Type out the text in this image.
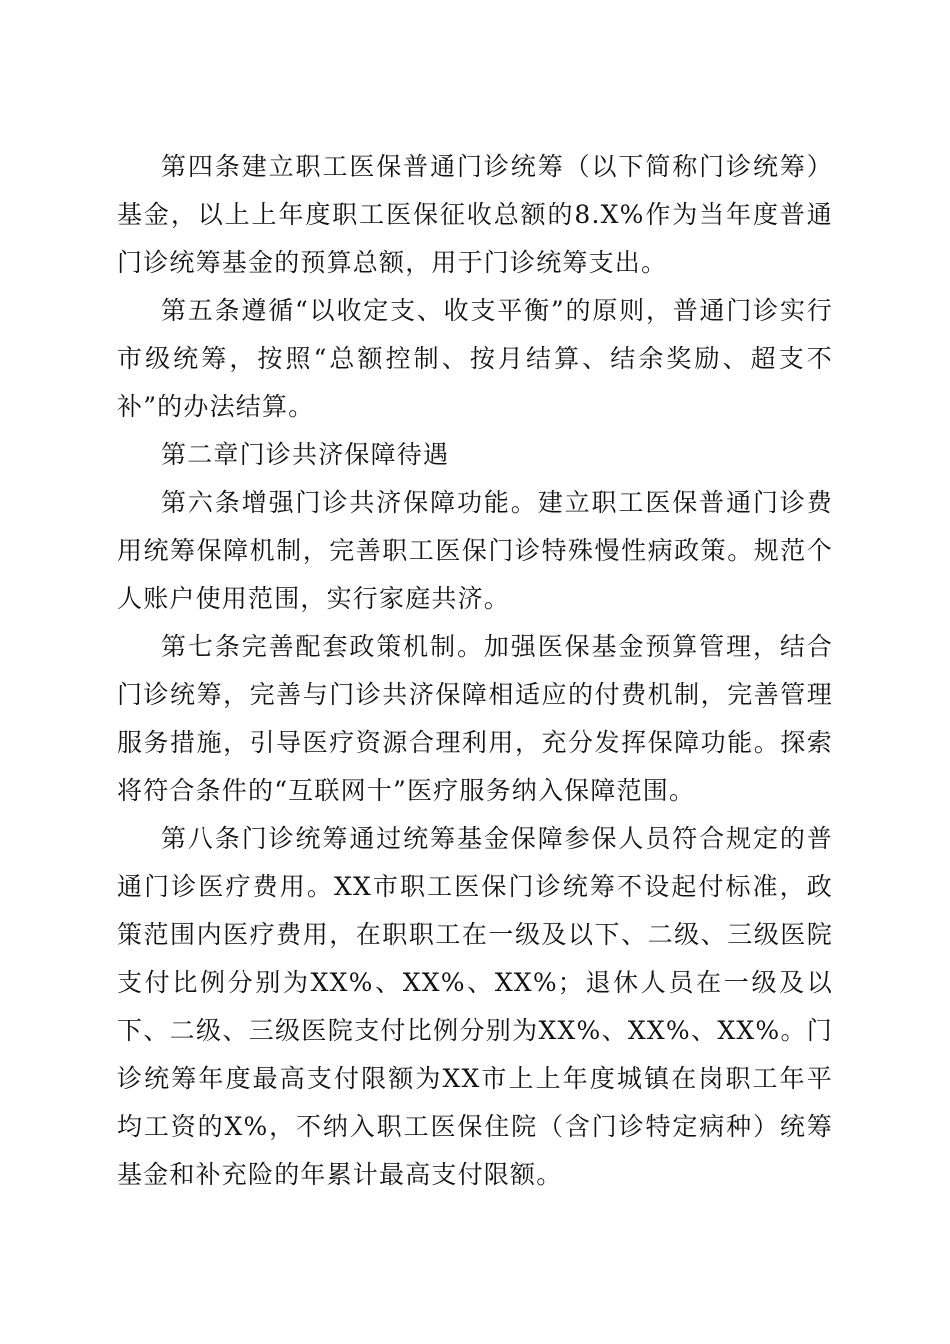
第四条建立职工医保普通门诊统筹（以下简称门诊统筹）基金，以上上年度职工医保征收总额的8.X%作为当年度普通门诊统筹基金的预算总额，用于门诊统筹支出。

第五条遵循“以收定支、收支平衡”的原则，普通门诊实行市级统筹，按照“总额控制、按月结算、结余奖励、超支不补”的办法结算。

第二章门诊共济保障待遇

第六条增强门诊共济保障功能。建立职工医保普通门诊费用统筹保障机制，完善职工医保门诊特殊慢性病政策。规范个人账户使用范围，实行家庭共济。

第七条完善配套政策机制。加强医保基金预算管理，结合门诊统筹，完善与门诊共济保障相适应的付费机制，完善管理服务措施，引导医疗资源合理利用，充分发挥保障功能。探索将符合条件的“互联网十”医疗服务纳入保障范围。

第八条门诊统筹通过统筹基金保障参保人员符合规定的普通门诊医疗费用。XX市职工医保门诊统筹不设起付标准，政策范围内医疗费用，在职职工在一级及以下、二级、三级医院支付比例分别为XX%、XX%、XX%；退休人员在一级及以下、二级、三级医院支付比例分别为XX%、XX%、XX%。门诊统筹年度最高支付限额为XX市上上年度城镇在岗职工年平均工资的X%，不纳入职工医保住院（含门诊特定病种）统筹基金和补充险的年累计最高支付限额。
